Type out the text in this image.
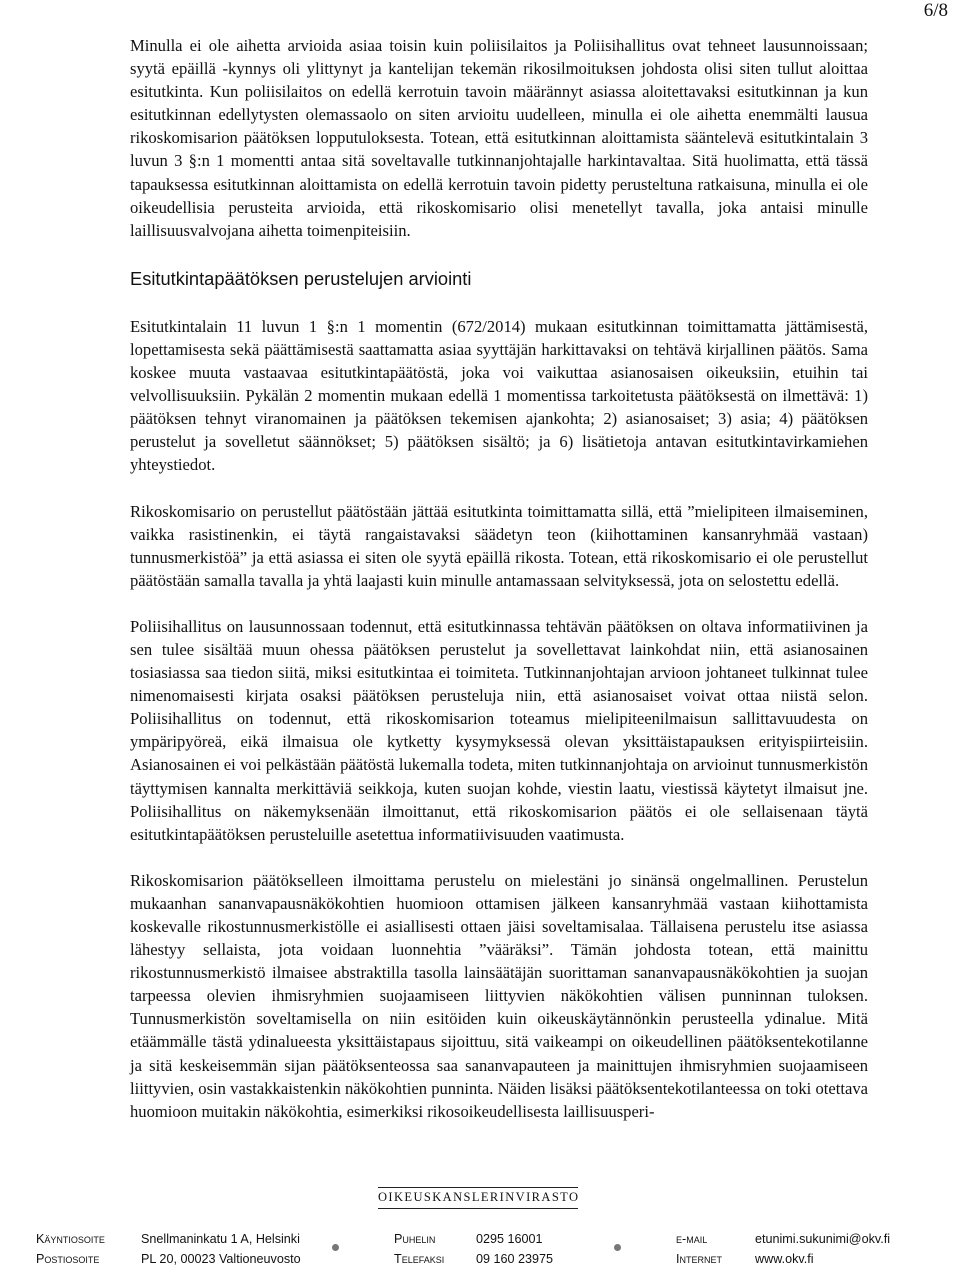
6/8

Minulla ei ole aihetta arvioida asiaa toisin kuin poliisilaitos ja Poliisihallitus ovat tehneet lausunnoissaan; syytä epäillä -kynnys oli ylittynyt ja kantelijan tekemän rikosilmoituksen johdosta olisi siten tullut aloittaa esitutkinta. Kun poliisilaitos on edellä kerrotuin tavoin määrännyt asiassa aloitettavaksi esitutkinnan ja kun esitutkinnan edellytysten olemassaolo on siten arvioitu uudelleen, minulla ei ole aihetta enemmälti lausua rikoskomisarion päätöksen lopputuloksesta. Totean, että esitutkinnan aloittamista sääntelevä esitutkintalain 3 luvun 3 §:n 1 momentti antaa sitä soveltavalle tutkinnanjohtajalle harkintavaltaa. Sitä huolimatta, että tässä tapauksessa esitutkinnan aloittamista on edellä kerrotuin tavoin pidetty perusteltuna ratkaisuna, minulla ei ole oikeudellisia perusteita arvioida, että rikoskomisario olisi menetellyt tavalla, joka antaisi minulle laillisuusvalvojana aihetta toimenpiteisiin.

Esitutkintapäätöksen perustelujen arviointi

Esitutkintalain 11 luvun 1 §:n 1 momentin (672/2014) mukaan esitutkinnan toimittamatta jättämisestä, lopettamisesta sekä päättämisestä saattamatta asiaa syyttäjän harkittavaksi on tehtävä kirjallinen päätös. Sama koskee muuta vastaavaa esitutkintapäätöstä, joka voi vaikuttaa asianosaisen oikeuksiin, etuihin tai velvollisuuksiin. Pykälän 2 momentin mukaan edellä 1 momentissa tarkoitetusta päätöksestä on ilmettävä: 1) päätöksen tehnyt viranomainen ja päätöksen tekemisen ajankohta; 2) asianosaiset; 3) asia; 4) päätöksen perustelut ja sovelletut säännökset; 5) päätöksen sisältö; ja 6) lisätietoja antavan esitutkintavirkamiehen yhteystiedot.

Rikoskomisario on perustellut päätöstään jättää esitutkinta toimittamatta sillä, että ”mielipiteen ilmaiseminen, vaikka rasistinenkin, ei täytä rangaistavaksi säädetyn teon (kiihottaminen kansanryhmää vastaan) tunnusmerkistöä” ja että asiassa ei siten ole syytä epäillä rikosta. Totean, että rikoskomisario ei ole perustellut päätöstään samalla tavalla ja yhtä laajasti kuin minulle antamassaan selvityksessä, jota on selostettu edellä.

Poliisihallitus on lausunnossaan todennut, että esitutkinnassa tehtävän päätöksen on oltava informatiivinen ja sen tulee sisältää muun ohessa päätöksen perustelut ja sovellettavat lainkohdat niin, että asianosainen tosiasiassa saa tiedon siitä, miksi esitutkintaa ei toimiteta. Tutkinnanjohtajan arvioon johtaneet tulkinnat tulee nimenomaisesti kirjata osaksi päätöksen perusteluja niin, että asianosaiset voivat ottaa niistä selon. Poliisihallitus on todennut, että rikoskomisarion toteamus mielipiteenilmaisun sallittavuudesta on ympäripyöreä, eikä ilmaisua ole kytketty kysymyksessä olevan yksittäistapauksen erityispiirteisiin. Asianosainen ei voi pelkästään päätöstä lukemalla todeta, miten tutkinnanjohtaja on arvioinut tunnusmerkistön täyttymisen kannalta merkittäviä seikkoja, kuten suojan kohde, viestin laatu, viestissä käytetyt ilmaisut jne. Poliisihallitus on näkemyksenään ilmoittanut, että rikoskomisarion päätös ei ole sellaisenaan täytä esitutkintapäätöksen perusteluille asetettua informatiivisuuden vaatimusta.

Rikoskomisarion päätökselleen ilmoittama perustelu on mielestäni jo sinänsä ongelmallinen. Perustelun mukaanhan sananvapausnäkökohtien huomioon ottamisen jälkeen kansanryhmää vastaan kiihottamista koskevalle rikostunnusmerkistölle ei asiallisesti ottaen jäisi soveltamisalaa. Tällaisena perustelu itse asiassa lähestyy sellaista, jota voidaan luonnehtia ”vääräksi”. Tämän johdosta totean, että mainittu rikostunnusmerkistö ilmaisee abstraktilla tasolla lainsäätäjän suorittaman sananvapausnäkökohtien ja suojan tarpeessa olevien ihmisryhmien suojaamiseen liittyvien näkökohtien välisen punninnan tuloksen. Tunnusmerkistön soveltamisella on niin esitöiden kuin oikeuskäytännönkin perusteella ydinalue. Mitä etäämmälle tästä ydinalueesta yksittäistapaus sijoittuu, sitä vaikeampi on oikeudellinen päätöksentekotilanne ja sitä keskeisemmän sijan päätöksenteossa saa sananvapauteen ja mainittujen ihmisryhmien suojaamiseen liittyvien, osin vastakkaistenkin näkökohtien punninta. Näiden lisäksi päätöksentekotilanteessa on toki otettava huomioon muitakin näkökohtia, esimerkiksi rikosoikeudellisesta laillisuusperi-

OIKEUSKANSLERINVIRASTO
Käyntiosoite	Snellmaninkatu 1 A, Helsinki	Puhelin	0295 16001	e-mail	etunimi.sukunimi@okv.fi
Postiosoite	PL 20, 00023 Valtioneuvosto	Telefaksi	09 160 23975	Internet	www.okv.fi
